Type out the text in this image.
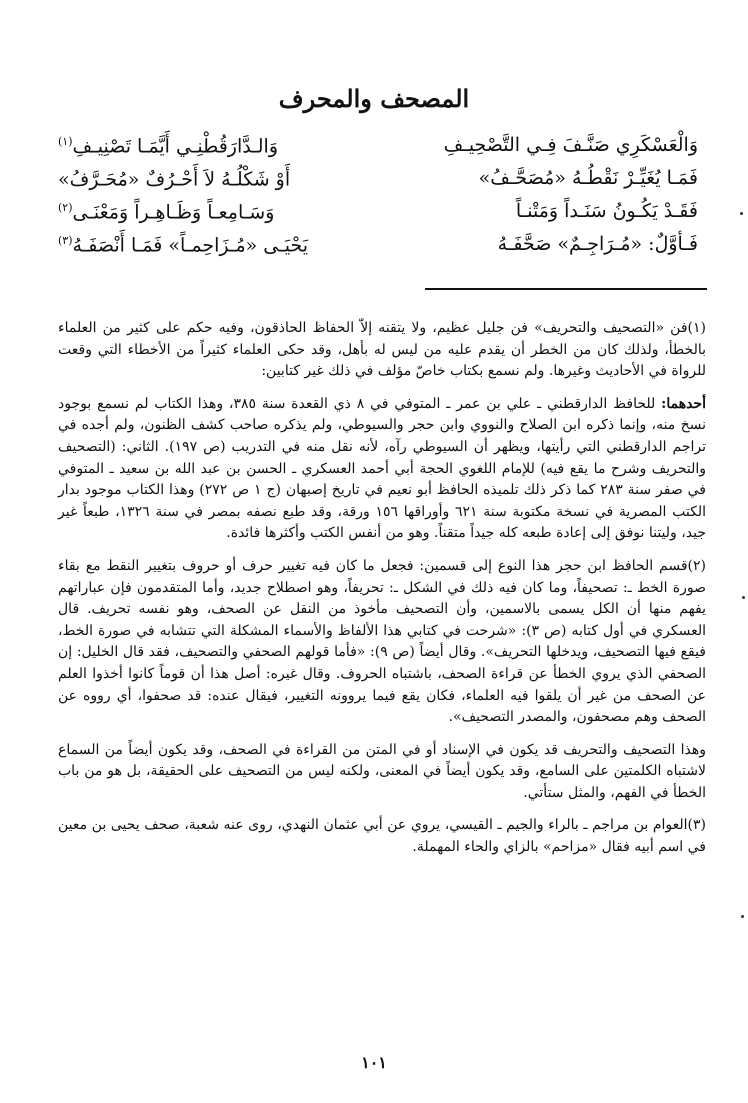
المصحف والمحرف
وَالْعَسْكَرِي صَنَّـفَ فِـي التَّصْحِيـفِ
وَالـدَّارَقُطْنِـي أَيَّمَـا تَصْنِيـفِ$^{(١)}$
فَمَـا يُغَيِّـرْ نَقْطُـهُ «مُصَحَّـفُ»
أَوْ شَكْلُـهُ لاَ أَحْـرُفٌ «مُحَـرَّفُ»
فَقَـدْ يَكُـونُ سَنَـداً وَمَتْنـاً
وَسَـامِعـاً وَظَـاهِـراً وَمَعْنَـى$^{(٢)}$
فَـأَوَّلٌ: «مُـرَاجِـمٌ» صَحَّفَـهُ
يَحْيَـى «مُـزَاحِمـاً» فَمَـا أَنْصَفَـهُ$^{(٣)}$

(١)فن «التصحيف والتحريف» فن جليل عظيم، ولا يتقنه إلاّ الحفاظ الحاذقون، وفيه حكم على كثير من العلماء بالخطأ، ولذلك كان من الخطر أن يقدم عليه من ليس له بأهل، وقد حكى العلماء كثيراً من الأخطاء التي وقعت للرواة في الأحاديث وغيرها. ولم نسمع بكتاب خاصّ مؤلف في ذلك غير كتابين:

أحدهما: للحافظ الدارقطني ـ علي بن عمر ـ المتوفي في ٨ ذي القعدة سنة ٣٨٥، وهذا الكتاب لم نسمع بوجود نسخ منه، وإنما ذكره ابن الصلاح والنووي وابن حجر والسيوطي، ولم يذكره صاحب كشف الظنون، ولم أجده في تراجم الدارقطني التي رأيتها، ويظهر أن السيوطي رآه، لأنه نقل منه في التدريب (ص ١٩٧). الثاني: (التصحيف والتحريف وشرح ما يقع فيه) للإمام اللغوي الحجة أبي أحمد العسكري ـ الحسن بن عبد الله بن سعيد ـ المتوفي في صفر سنة ٢٨٣ كما ذكر ذلك تلميذه الحافظ أبو نعيم في تاريخ إصبهان (ج ١ ص ٢٧٢) وهذا الكتاب موجود بدار الكتب المصرية في نسخة مكتوبة سنة ٦٢١ وأوراقها ١٥٦ ورقة، وقد طبع نصفه بمصر في سنة ١٣٢٦، طبعاً غير جيد، وليتنا نوفق إلى إعادة طبعه كله جيداً متقناً. وهو من أنفس الكتب وأكثرها فائدة.

(٢)قسم الحافظ ابن حجر هذا النوع إلى قسمين: فجعل ما كان فيه تغيير حرف أو حروف بتغيير النقط مع بقاء صورة الخط ـ: تصحيفاً، وما كان فيه ذلك في الشكل ـ: تحريفاً، وهو اصطلاح جديد، وأما المتقدمون فإن عباراتهم يفهم منها أن الكل يسمى بالاسمين، وأن التصحيف مأخوذ من النقل عن الصحف، وهو نفسه تحريف. قال العسكري في أول كتابه (ص ٣): «شرحت في كتابي هذا الألفاظ والأسماء المشكلة التي تتشابه في صورة الخط، فيقع فيها التصحيف، ويدخلها التحريف». وقال أيضاً (ص ٩): «فأما قولهم الصحفي والتصحيف، فقد قال الخليل: إن الصحفي الذي يروي الخطأ عن قراءة الصحف، باشتباه الحروف. وقال غيره: أصل هذا أن قوماً كانوا أخذوا العلم عن الصحف من غير أن يلقوا فيه العلماء، فكان يقع فيما يروونه التغيير، فيقال عنده: قد صحفوا، أي رووه عن الصحف وهم مصحفون، والمصدر التصحيف».

وهذا التصحيف والتحريف قد يكون في الإسناد أو في المتن من القراءة في الصحف، وقد يكون أيضاً من السماع لاشتباه الكلمتين على السامع، وقد يكون أيضاً في المعنى، ولكنه ليس من التصحيف على الحقيقة، بل هو من باب الخطأ في الفهم، والمثل ستأتي.

(٣)العوام بن مراجم ـ بالراء والجيم ـ القيسي، يروي عن أبي عثمان النهدي، روى عنه شعبة، صحف يحيى بن معين في اسم أبيه فقال «مزاحم» بالزاي والحاء المهملة.

١٠١
